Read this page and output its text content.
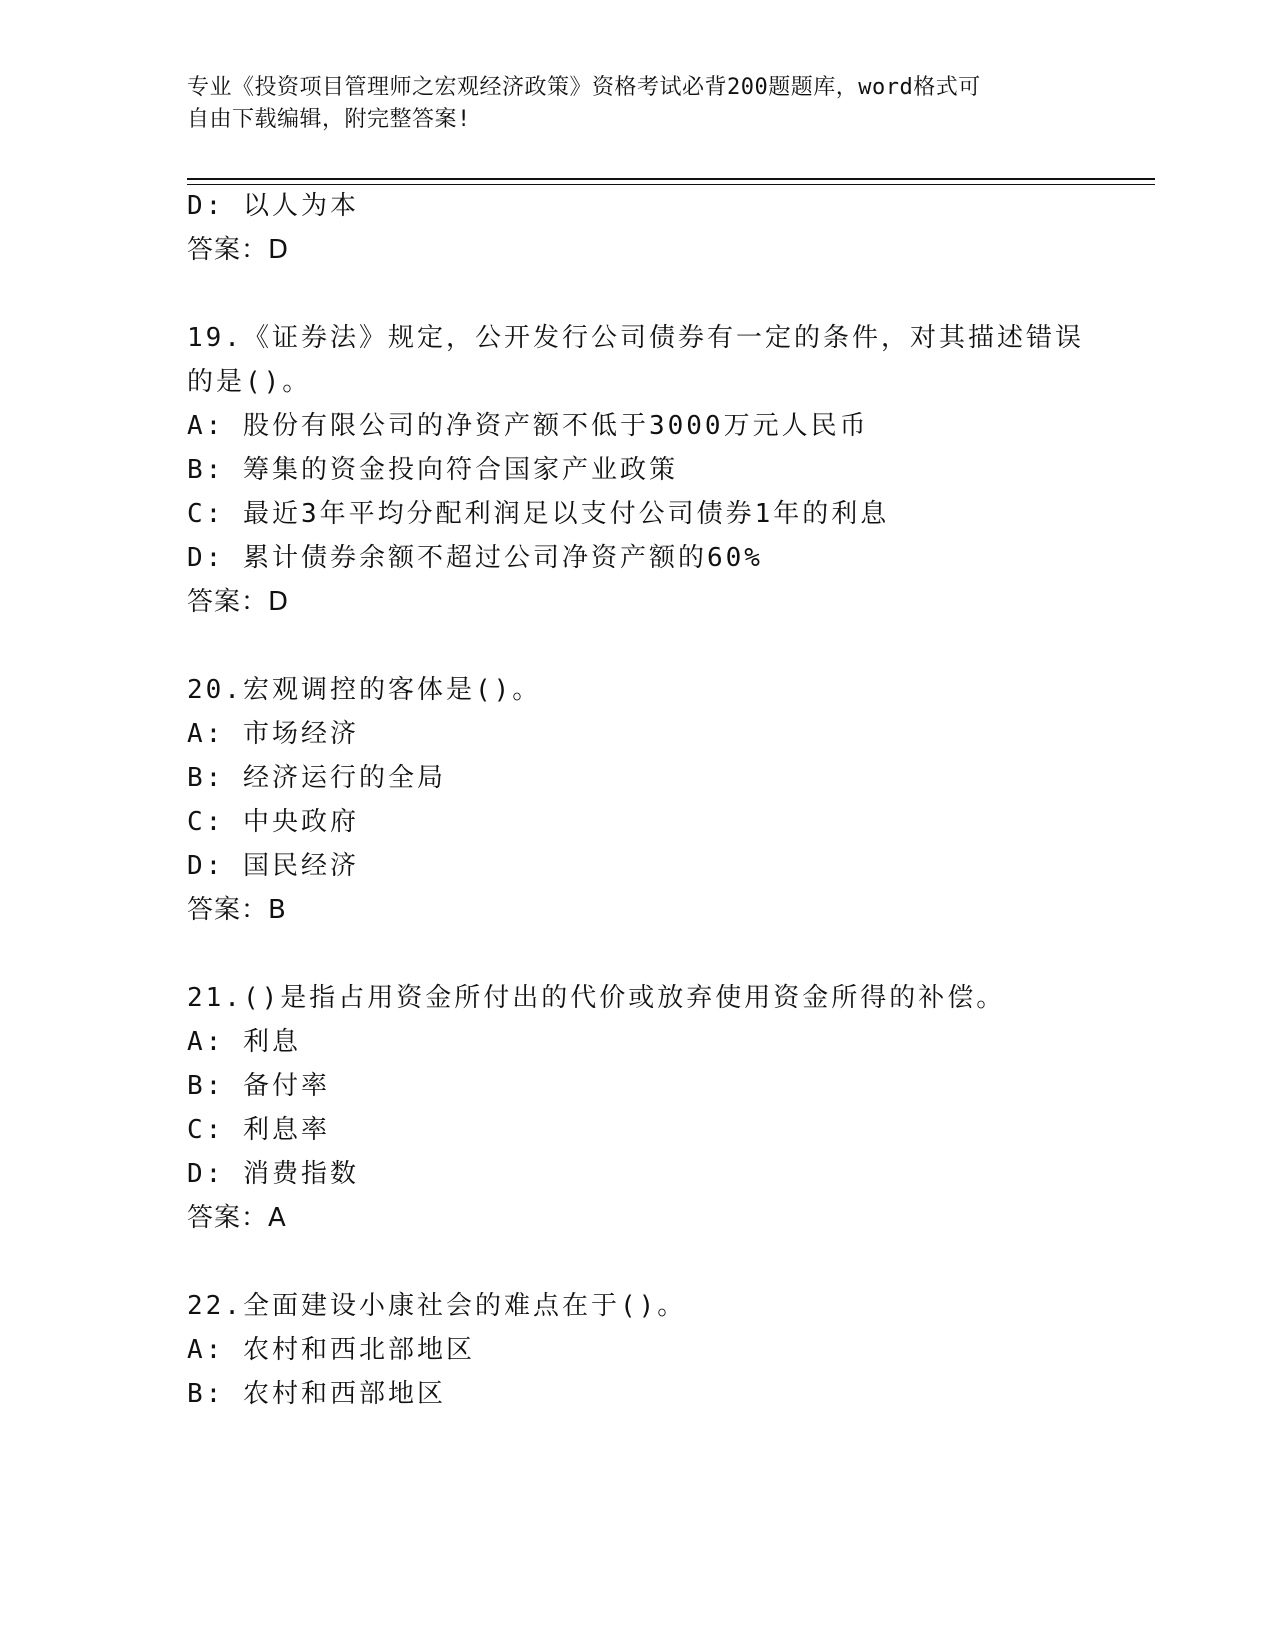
专业《投资项目管理师之宏观经济政策》资格考试必背200题题库，word格式可
自由下载编辑，附完整答案!
D: 以人为本
答案：D
19.《证券法》规定，公开发行公司债券有一定的条件，对其描述错误
的是()。
A: 股份有限公司的净资产额不低于3000万元人民币
B: 筹集的资金投向符合国家产业政策
C: 最近3年平均分配利润足以支付公司债券1年的利息
D: 累计债券余额不超过公司净资产额的60%
答案：D
20.宏观调控的客体是()。
A: 市场经济
B: 经济运行的全局
C: 中央政府
D: 国民经济
答案：B
21.()是指占用资金所付出的代价或放弃使用资金所得的补偿。
A: 利息
B: 备付率
C: 利息率
D: 消费指数
答案：A
22.全面建设小康社会的难点在于()。
A: 农村和西北部地区
B: 农村和西部地区
